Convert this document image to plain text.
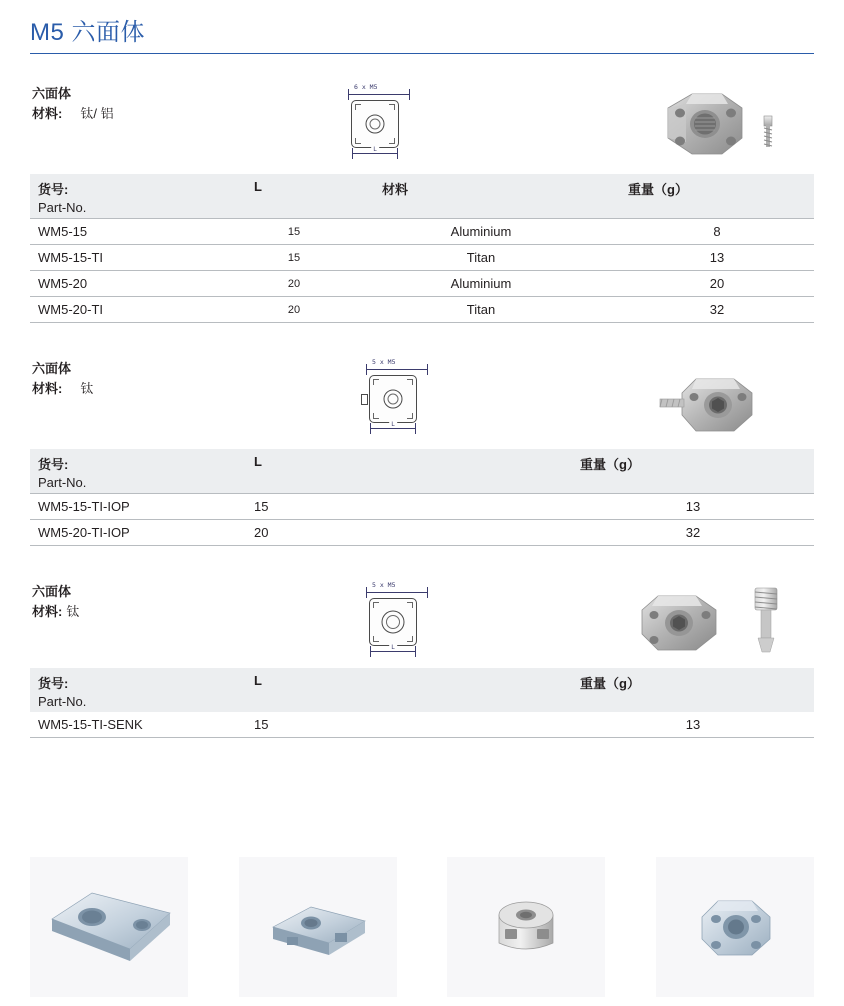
M5 六面体
六面体
材料: 钛/ 铝
6 x M5
L
货号:
Part-No.	L	材料	重量（g）
WM5-15	15	Aluminium	8
WM5-15-TI	15	Titan	13
WM5-20	20	Aluminium	20
WM5-20-TI	20	Titan	32
六面体
材料: 钛
5 x M5
L
货号:
Part-No.	L	重量（g）
WM5-15-TI-IOP	15	13
WM5-20-TI-IOP	20	32
六面体
材料: 钛
5 x M5
L
货号:
Part-No.	L	重量（g）
WM5-15-TI-SENK	15	13
